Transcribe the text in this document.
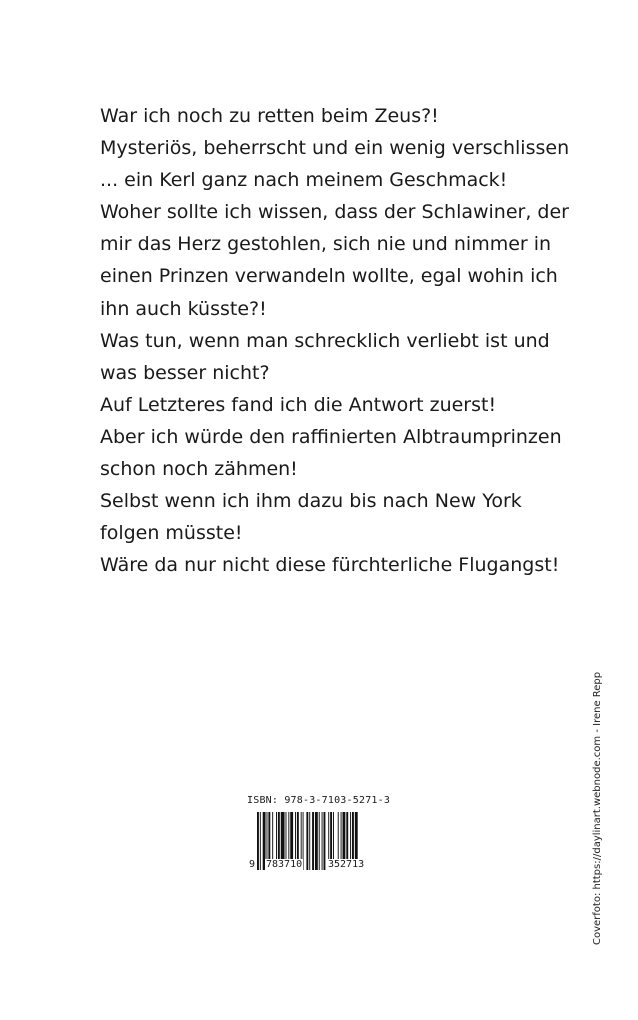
War ich noch zu retten beim Zeus?!
Mysteriös, beherrscht und ein wenig verschlissen
... ein Kerl ganz nach meinem Geschmack!
Woher sollte ich wissen, dass der Schlawiner, der
mir das Herz gestohlen, sich nie und nimmer in
einen Prinzen verwandeln wollte, egal wohin ich
ihn auch küsste?!
Was tun, wenn man schrecklich verliebt ist und
was besser nicht?
Auf Letzteres fand ich die Antwort zuerst!
Aber ich würde den raffinierten Albtraumprinzen
schon noch zähmen!
Selbst wenn ich ihm dazu bis nach New York
folgen müsste!
Wäre da nur nicht diese fürchterliche Flugangst!
ISBN: 978-3-7103-5271-3
9 783710	352713	Coverfoto: https://daylinart.webnode.com - Irene Repp
